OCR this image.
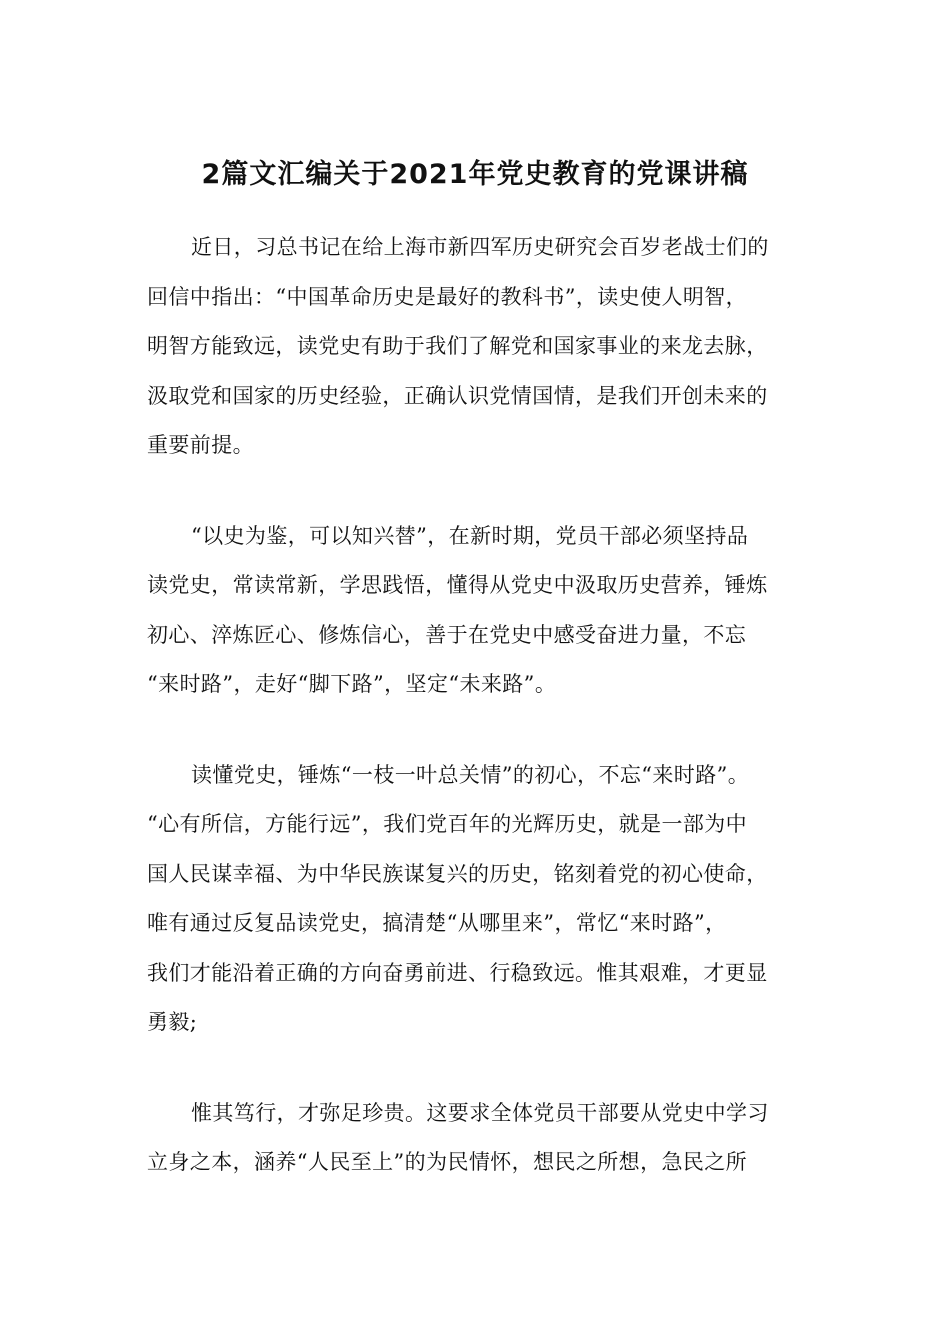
2篇文汇编关于2021年党史教育的党课讲稿
近日，习总书记在给上海市新四军历史研究会百岁老战士们的
回信中指出：“中国革命历史是最好的教科书”，读史使人明智，
明智方能致远，读党史有助于我们了解党和国家事业的来龙去脉，
汲取党和国家的历史经验，正确认识党情国情，是我们开创未来的
重要前提。
“以史为鉴，可以知兴替”，在新时期，党员干部必须坚持品
读党史，常读常新，学思践悟，懂得从党史中汲取历史营养，锤炼
初心、淬炼匠心、修炼信心，善于在党史中感受奋进力量，不忘
“来时路”，走好“脚下路”，坚定“未来路”。
读懂党史，锤炼“一枝一叶总关情”的初心，不忘“来时路”。
“心有所信，方能行远”，我们党百年的光辉历史，就是一部为中
国人民谋幸福、为中华民族谋复兴的历史，铭刻着党的初心使命，
唯有通过反复品读党史，搞清楚“从哪里来”，常忆“来时路”，
我们才能沿着正确的方向奋勇前进、行稳致远。惟其艰难，才更显
勇毅;
惟其笃行，才弥足珍贵。这要求全体党员干部要从党史中学习
立身之本，涵养“人民至上”的为民情怀，想民之所想，急民之所
